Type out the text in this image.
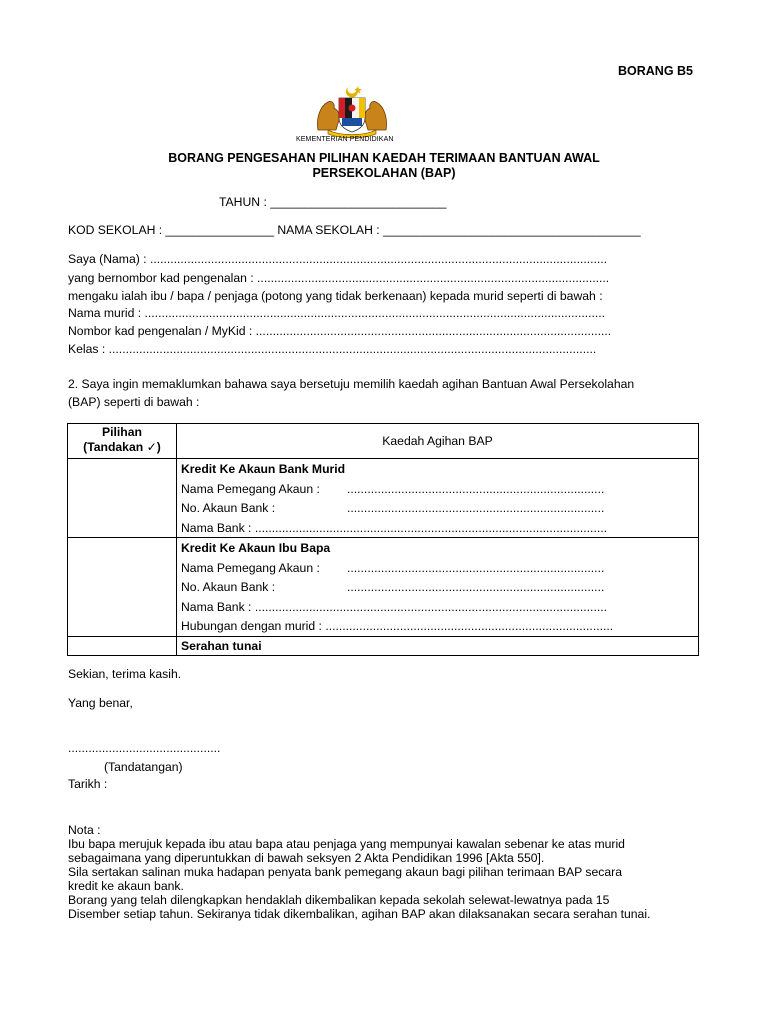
BORANG B5
KEMENTERIAN PENDIDIKAN
BORANG PENGESAHAN PILIHAN KAEDAH TERIMAAN BANTUAN AWAL
PERSEKOLAHAN (BAP)
TAHUN : __________________________
KOD SEKOLAH : ________________ NAMA SEKOLAH : ______________________________________
Saya (Nama) : .......................................................................................................................................
yang bernombor kad pengenalan : ........................................................................................................
mengaku ialah ibu / bapa / penjaga (potong yang tidak berkenaan) kepada murid seperti di bawah :
Nama murid : ........................................................................................................................................
Nombor kad pengenalan / MyKid : .........................................................................................................
Kelas : ................................................................................................................................................
2. Saya ingin memaklumkan bahawa saya bersetuju memilih kaedah agihan Bantuan Awal Persekolahan
(BAP) seperti di bawah :
Pilihan
(Tandakan ✓)	Kaedah Agihan BAP

	Kredit Ke Akaun Bank Murid
Nama Pemegang Akaun : ............................................................................
No. Akaun Bank : ............................................................................
Nama Bank : ........................................................................................................

	Kredit Ke Akaun Ibu Bapa
Nama Pemegang Akaun : ............................................................................
No. Akaun Bank : ............................................................................
Nama Bank : ........................................................................................................
Hubungan dengan murid : .....................................................................................

	Serahan tunai
Sekian, terima kasih.
Yang benar,
.............................................
(Tandatangan)
Tarikh :
Nota :
Ibu bapa merujuk kepada ibu atau bapa atau penjaga yang mempunyai kawalan sebenar ke atas murid
sebagaimana yang diperuntukkan di bawah seksyen 2 Akta Pendidikan 1996 [Akta 550].
Sila sertakan salinan muka hadapan penyata bank pemegang akaun bagi pilihan terimaan BAP secara
kredit ke akaun bank.
Borang yang telah dilengkapkan hendaklah dikembalikan kepada sekolah selewat-lewatnya pada 15
Disember setiap tahun. Sekiranya tidak dikembalikan, agihan BAP akan dilaksanakan secara serahan tunai.
